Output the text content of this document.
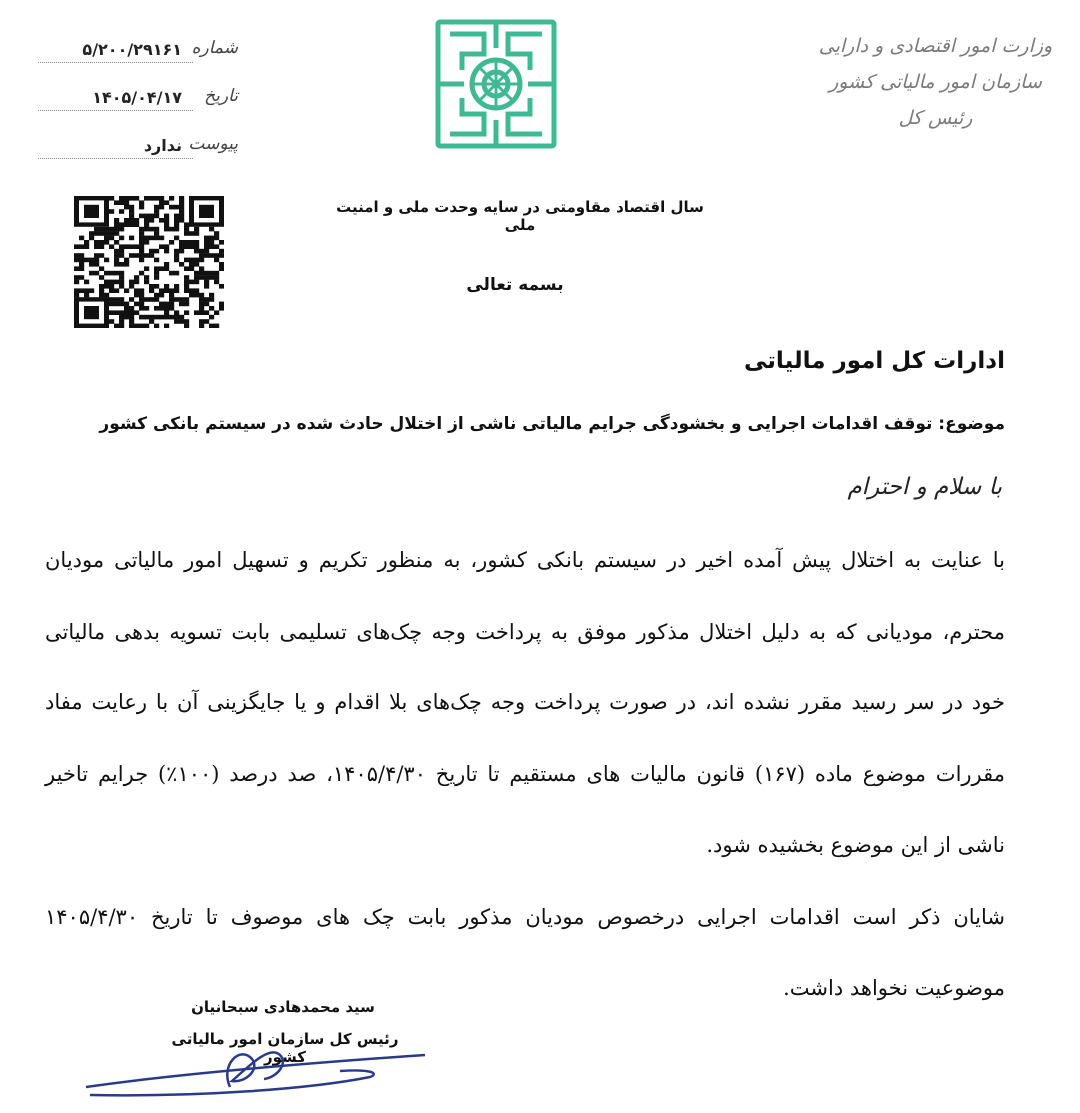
وزارت امور اقتصادی و دارایی
سازمان امور مالیاتی کشور
رئیس کل
شماره
۵/۲۰۰/۲۹۱۶۱
تاریخ
۱۴۰۵/۰۴/۱۷
پیوست
ندارد
سال اقتصاد مقاومتی در سایه وحدت ملی و امنیت ملی
بسمه تعالی
ادارات کل امور مالیاتی
موضوع: توقف اقدامات اجرایی و بخشودگی جرایم مالیاتی ناشی از اختلال حادث شده در سیستم بانکی کشور
با سلام و احترام
با عنایت به اختلال پیش آمده اخیر در سیستم بانکی کشور، به منظور تکریم و تسهیل امور مالیاتی مودیان
محترم، مودیانی که به دلیل اختلال مذکور موفق به پرداخت وجه چک‌های تسلیمی بابت تسویه بدهی مالیاتی
خود در سر رسید مقرر نشده اند، در صورت پرداخت وجه چک‌های بلا اقدام و یا جایگزینی آن با رعایت مفاد
مقررات موضوع ماده (۱۶۷) قانون مالیات های مستقیم تا تاریخ ۱۴۰۵/۴/۳۰، صد درصد (۱۰۰٪) جرایم تاخیر
ناشی از این موضوع بخشیده شود.
شایان ذکر است اقدامات اجرایی درخصوص مودیان مذکور بابت چک های موصوف تا تاریخ ۱۴۰۵/۴/۳۰
موضوعیت نخواهد داشت.
سید محمدهادی سبحانیان
رئیس کل سازمان امور مالیاتی کشور
